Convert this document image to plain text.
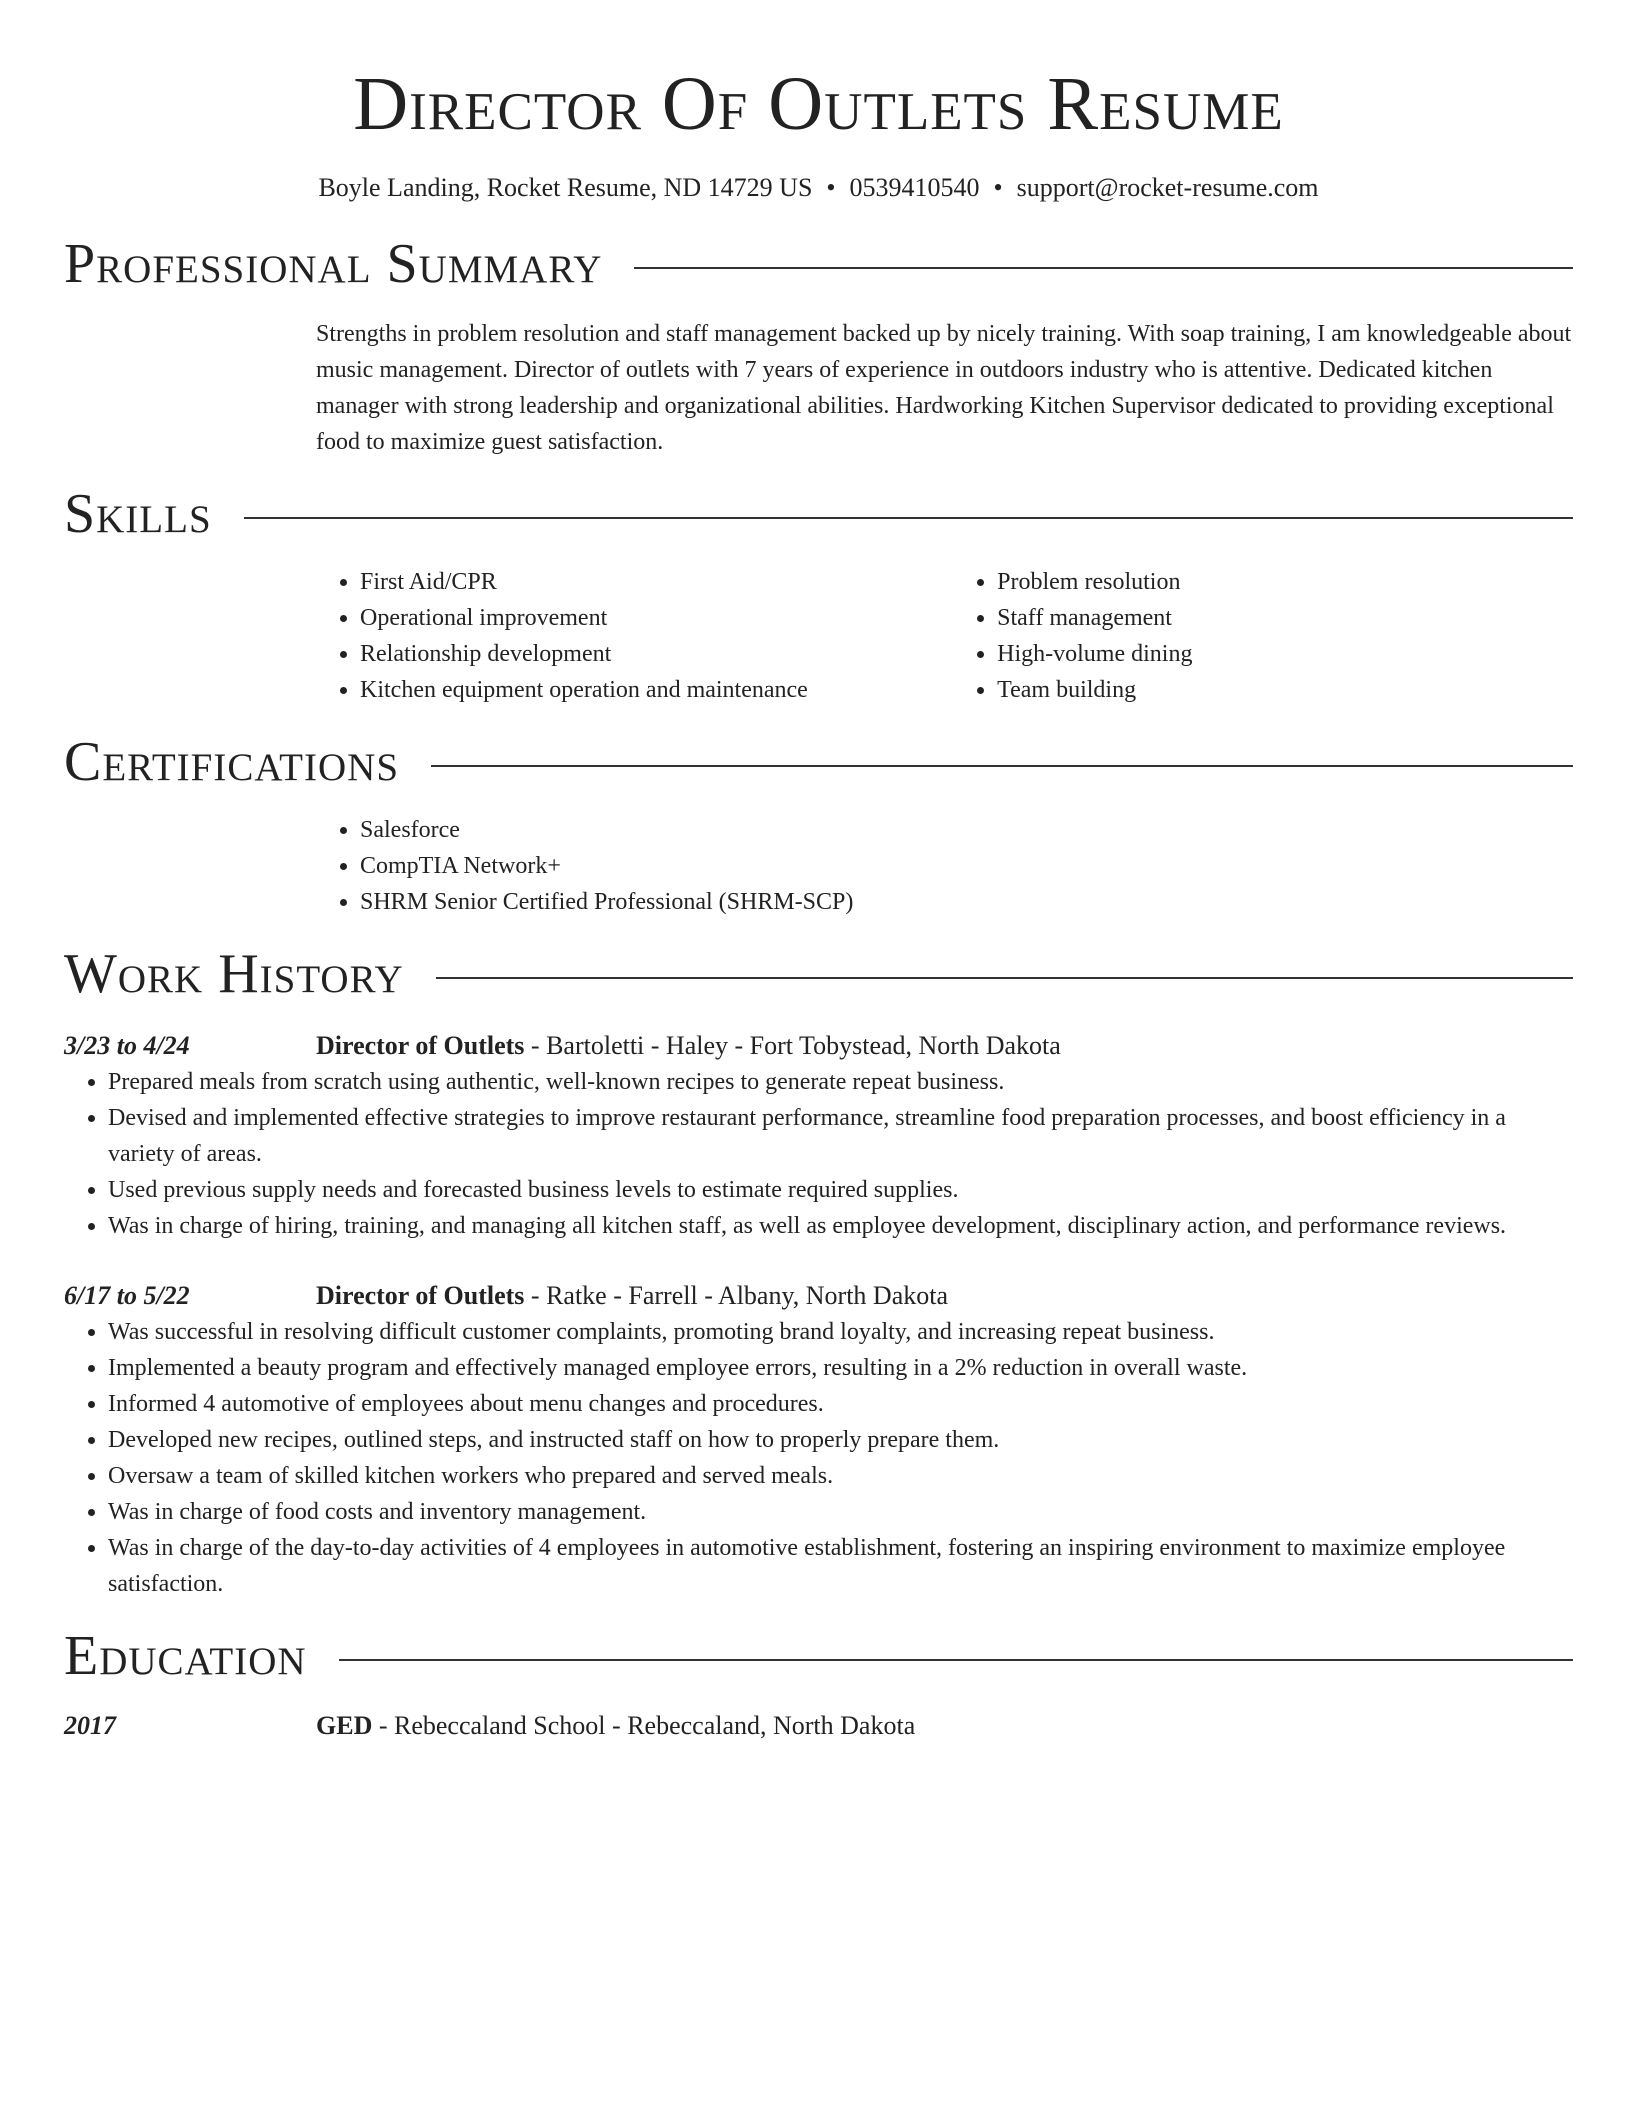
Director Of Outlets Resume
Boyle Landing, Rocket Resume, ND 14729 US • 0539410540 • support@rocket-resume.com
Professional Summary

Strengths in problem resolution and staff management backed up by nicely training. With soap training, I am knowledgeable about music management. Director of outlets with 7 years of experience in outdoors industry who is attentive. Dedicated kitchen manager with strong leadership and organizational abilities. Hardworking Kitchen Supervisor dedicated to providing exceptional food to maximize guest satisfaction.

Skills
• First Aid/CPR
• Operational improvement
• Relationship development
• Kitchen equipment operation and maintenance
• Problem resolution
• Staff management
• High-volume dining
• Team building
Certifications
• Salesforce
• CompTIA Network+
• SHRM Senior Certified Professional (SHRM-SCP)
Work History
3/23 to 4/24	Director of Outlets - Bartoletti - Haley - Fort Tobystead, North Dakota
• Prepared meals from scratch using authentic, well-known recipes to generate repeat business.
• Devised and implemented effective strategies to improve restaurant performance, streamline food preparation processes, and boost efficiency in a variety of areas.
• Used previous supply needs and forecasted business levels to estimate required supplies.
• Was in charge of hiring, training, and managing all kitchen staff, as well as employee development, disciplinary action, and performance reviews.
6/17 to 5/22	Director of Outlets - Ratke - Farrell - Albany, North Dakota
• Was successful in resolving difficult customer complaints, promoting brand loyalty, and increasing repeat business.
• Implemented a beauty program and effectively managed employee errors, resulting in a 2% reduction in overall waste.
• Informed 4 automotive of employees about menu changes and procedures.
• Developed new recipes, outlined steps, and instructed staff on how to properly prepare them.
• Oversaw a team of skilled kitchen workers who prepared and served meals.
• Was in charge of food costs and inventory management.
• Was in charge of the day-to-day activities of 4 employees in automotive establishment, fostering an inspiring environment to maximize employee satisfaction.
Education
2017	GED - Rebeccaland School - Rebeccaland, North Dakota
